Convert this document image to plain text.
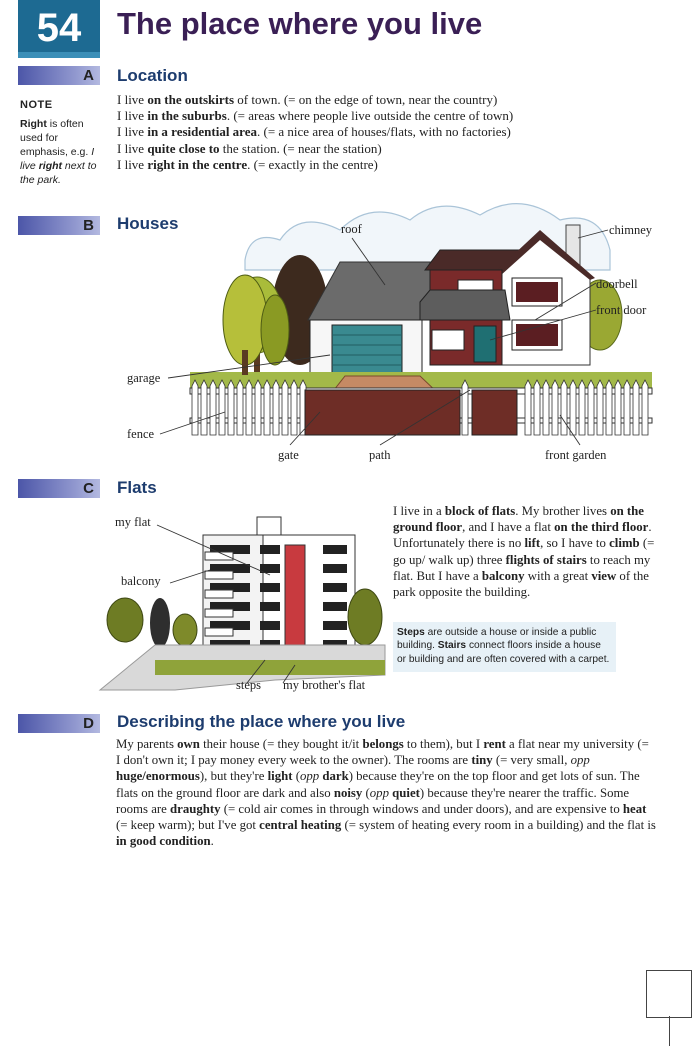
54	The place where you live
A Location
NOTE
Right is often used for emphasis, e.g. I live right next to the park.
I live on the outskirts of town. (= on the edge of town, near the country)
I live in the suburbs. (= areas where people live outside the centre of town)
I live in a residential area. (= a nice area of houses/flats, with no factories)
I live quite close to the station. (= near the station)
I live right in the centre. (= exactly in the centre)
B Houses	roof	chimney
doorbell
front door
garage
fence
gate	path	front garden
C Flats
my flat
balcony
steps my brother's flat
I live in a block of flats. My brother lives on the ground floor, and I have a flat on the third floor. Unfortunately there is no lift, so I have to climb (= go up/ walk up) three flights of stairs to reach my flat. But I have a balcony with a great view of the park opposite the building.
Steps are outside a house or inside a public building. Stairs connect floors inside a house or building and are often covered with a carpet.
D Describing the place where you live
My parents own their house (= they bought it/it belongs to them), but I rent a flat near my university (= I don't own it; I pay money every week to the owner). The rooms are tiny (= very small, opp huge/enormous), but they're light (opp dark) because they're on the top floor and get lots of sun. The flats on the ground floor are dark and also noisy (opp quiet) because they're nearer the traffic. Some rooms are draughty (= cold air comes in through windows and under doors), and are expensive to heat (= keep warm); but I've got central heating (= system of heating every room in a building) and the flat is in good condition.
